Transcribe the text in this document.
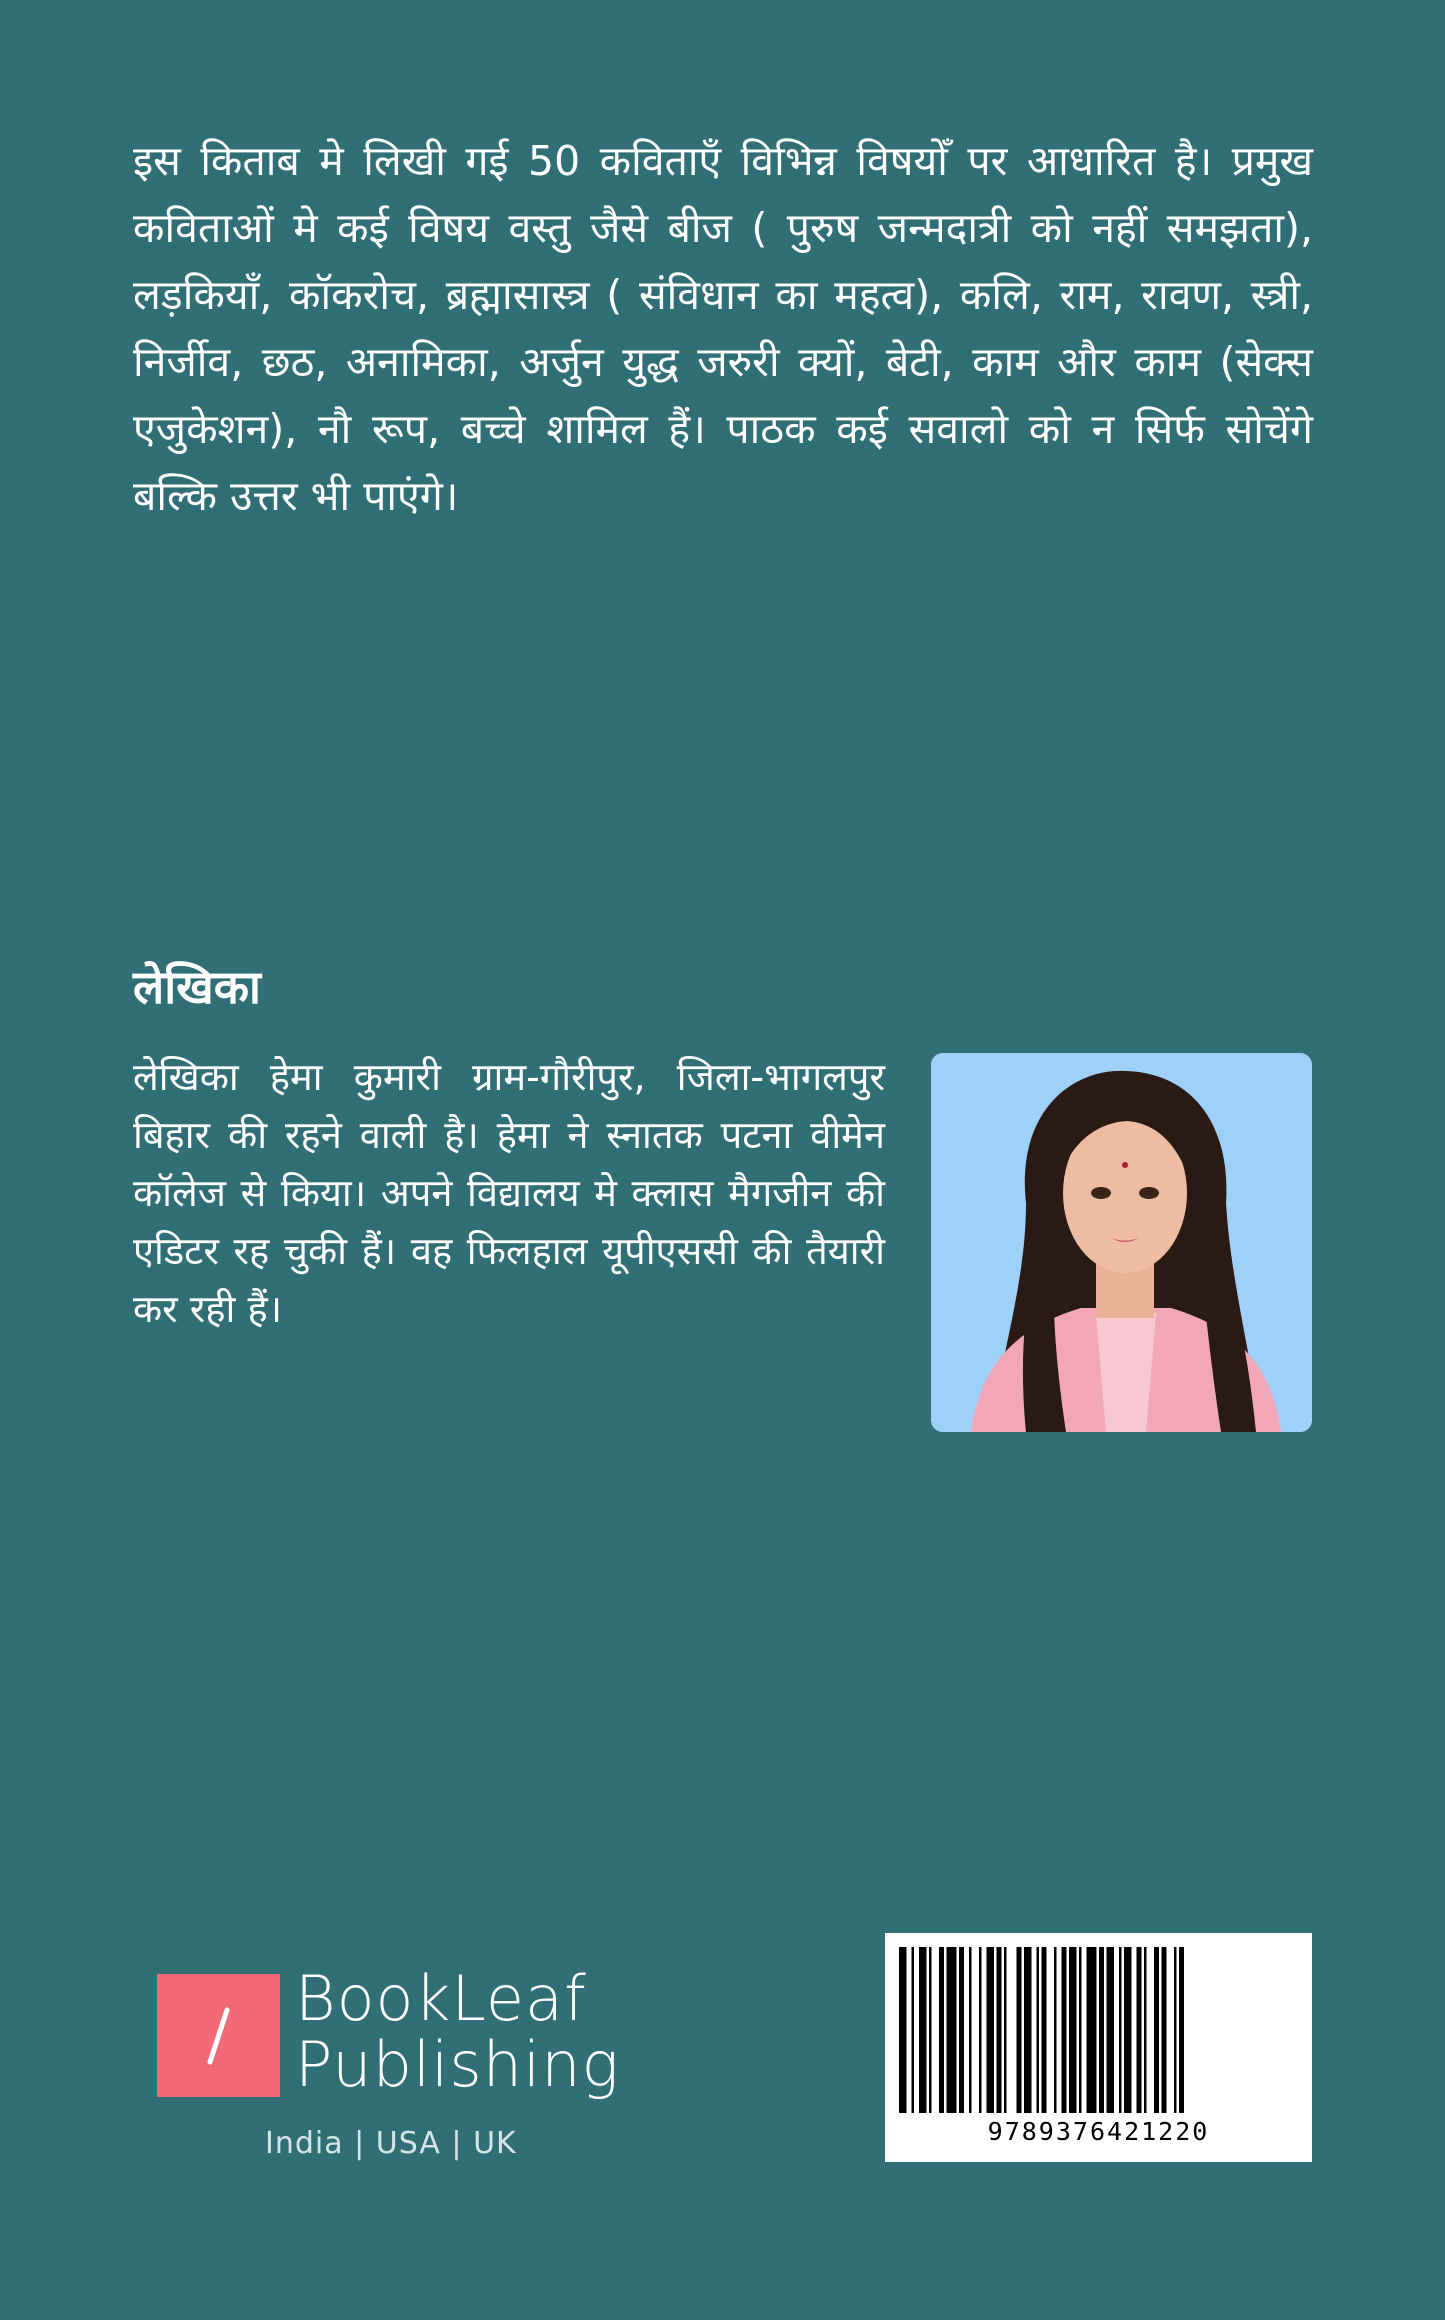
इस किताब मे लिखी गई 50 कविताएँ विभिन्न विषयोँ पर आधारित है। प्रमुख कविताओं मे कई विषय वस्तु जैसे बीज ( पुरुष जन्मदात्री को नहीं समझता), लड़कियाँ, कॉकरोच, ब्रह्मासास्त्र ( संविधान का महत्व), कलि, राम, रावण, स्त्री, निर्जीव, छठ, अनामिका, अर्जुन युद्ध जरुरी क्यों, बेटी, काम और काम (सेक्स एजुकेशन), नौ रूप, बच्चे शामिल हैं। पाठक कई सवालो को न सिर्फ सोचेंगे बल्कि उत्तर भी पाएंगे।

लेखिका

लेखिका हेमा कुमारी ग्राम-गौरीपुर, जिला-भागलपुर बिहार की रहने वाली है। हेमा ने स्नातक पटना वीमेन कॉलेज से किया। अपने विद्यालय मे क्लास मैगजीन की एडिटर रह चुकी हैं। वह फिलहाल यूपीएससी की तैयारी कर रही हैं।

BookLeaf
Publishing
India | USA | UK	9789376421220
